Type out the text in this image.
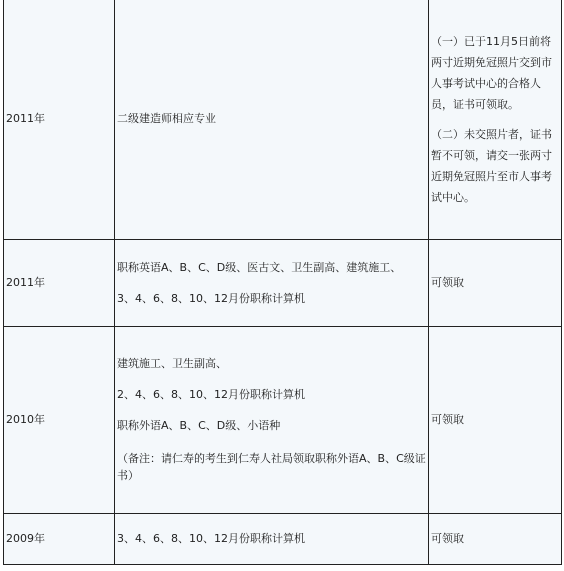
2011年	二级建造师相应专业	（一）已于11月5日前将两寸近期免冠照片交到市人事考试中心的合格人员，证书可领取。

（二）未交照片者，证书暂不可领，请交一张两寸近期免冠照片至市人事考试中心。

2011年	职称英语A、B、C、D级、医古文、卫生副高、建筑施工、
3、4、6、8、10、12月份职称计算机	可领取

2010年	建筑施工、卫生副高、
2、4、6、8、10、12月份职称计算机
职称外语A、B、C、D级、小语种
（备注：请仁寿的考生到仁寿人社局领取职称外语A、B、C级证书）	可领取

2009年	3、4、6、8、10、12月份职称计算机	可领取
